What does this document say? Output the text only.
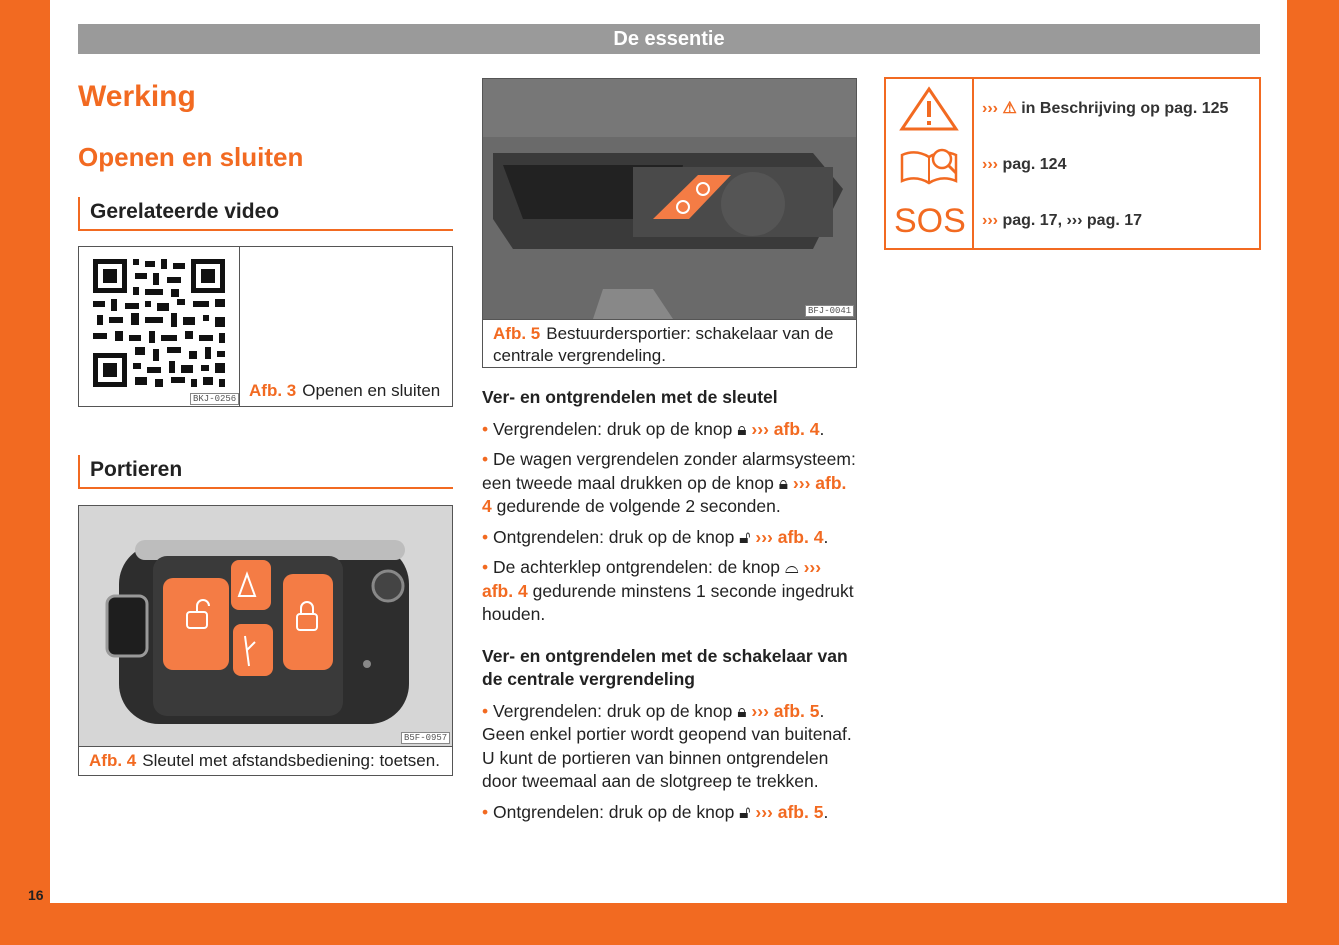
De essentie
16
Werking
Openen en sluiten
Gerelateerde video
BKJ-0256 Afb. 3 Openen en sluiten
Portieren
B5F-0957
Afb. 4 Sleutel met afstandsbediening: toetsen.
BFJ-0041
Afb. 5 Bestuurdersportier: schakelaar van de centrale vergrendeling.
Ver- en ontgrendelen met de sleutel

• Vergrendelen: druk op de knop 🔒︎ ››› afb. 4.

• De wagen vergrendelen zonder alarmsysteem: een tweede maal drukken op de knop 🔒︎ ››› afb. 4 gedurende de volgende 2 seconden.

• Ontgrendelen: druk op de knop 🔓︎ ››› afb. 4.

• De achterklep ontgrendelen: de knop ⌓ ››› afb. 4 gedurende minstens 1 seconde ingedrukt houden.

Ver- en ontgrendelen met de schakelaar van de centrale vergrendeling

• Vergrendelen: druk op de knop 🔒︎ ››› afb. 5. Geen enkel portier wordt geopend van buitenaf. U kunt de portieren van binnen ontgrendelen door tweemaal aan de slotgreep te trekken.

• Ontgrendelen: druk op de knop 🔓︎ ››› afb. 5.

››› ⚠ in Beschrijving op pag. 125
››› pag. 124
SOS ››› pag. 17, ››› pag. 17
